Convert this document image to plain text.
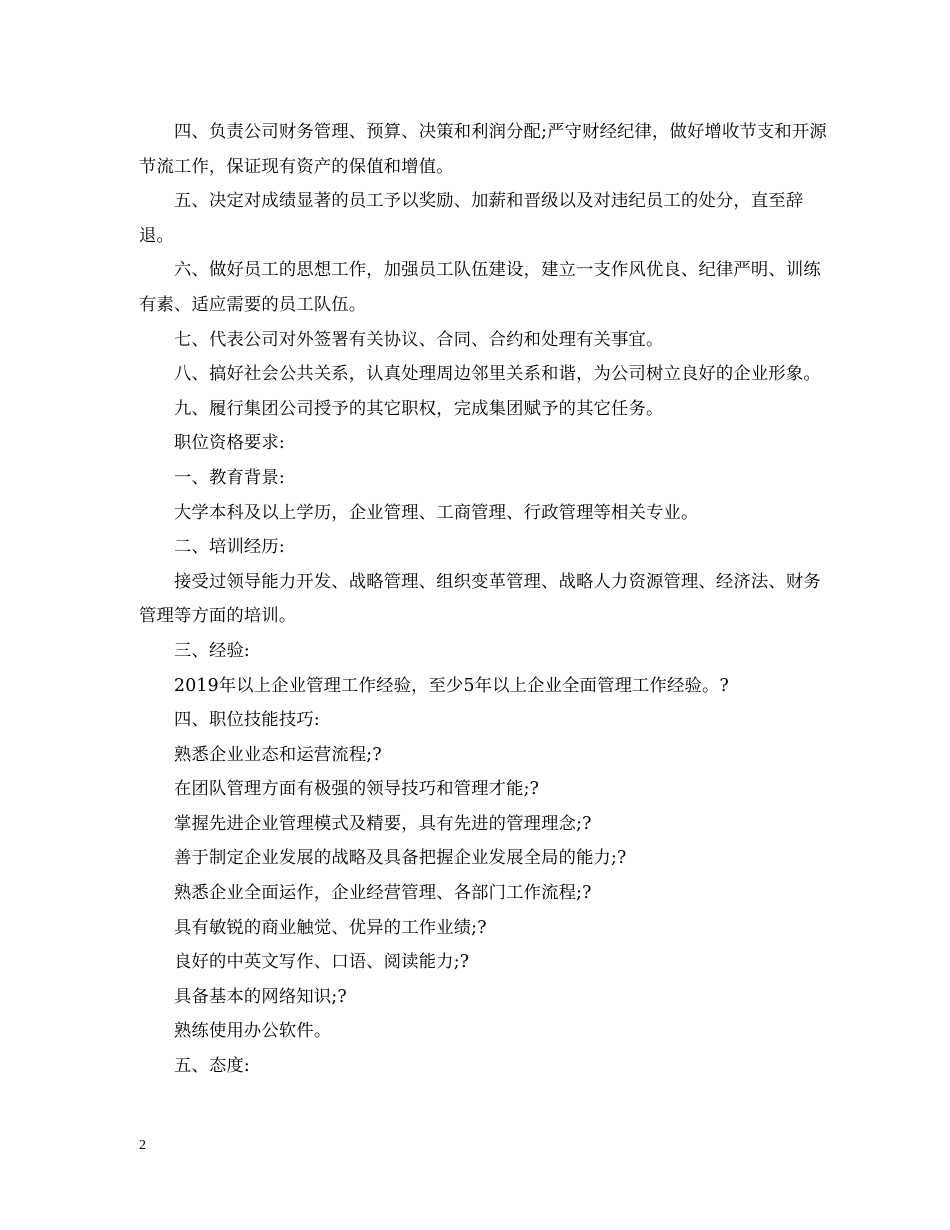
四、负责公司财务管理、预算、决策和利润分配;严守财经纪律，做好增收节支和开源节流工作，保证现有资产的保值和增值。

五、决定对成绩显著的员工予以奖励、加薪和晋级以及对违纪员工的处分，直至辞退。

六、做好员工的思想工作，加强员工队伍建设，建立一支作风优良、纪律严明、训练有素、适应需要的员工队伍。

七、代表公司对外签署有关协议、合同、合约和处理有关事宜。

八、搞好社会公共关系，认真处理周边邻里关系和谐，为公司树立良好的企业形象。

九、履行集团公司授予的其它职权，完成集团赋予的其它任务。

职位资格要求:

一、教育背景:

大学本科及以上学历，企业管理、工商管理、行政管理等相关专业。

二、培训经历:

接受过领导能力开发、战略管理、组织变革管理、战略人力资源管理、经济法、财务管理等方面的培训。

三、经验:

2019年以上企业管理工作经验，至少5年以上企业全面管理工作经验。?

四、职位技能技巧:

熟悉企业业态和运营流程;?

在团队管理方面有极强的领导技巧和管理才能;?

掌握先进企业管理模式及精要，具有先进的管理理念;?

善于制定企业发展的战略及具备把握企业发展全局的能力;?

熟悉企业全面运作，企业经营管理、各部门工作流程;?

具有敏锐的商业触觉、优异的工作业绩;?

良好的中英文写作、口语、阅读能力;?

具备基本的网络知识;?

熟练使用办公软件。

五、态度:

2
